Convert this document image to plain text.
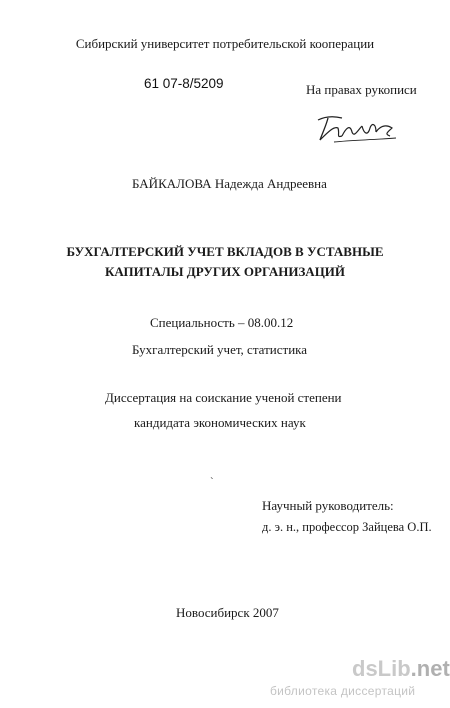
Сибирский университет потребительской кооперации
61 07-8/5209	На правах рукописи
БАЙКАЛОВА Надежда Андреевна
БУХГАЛТЕРСКИЙ УЧЕТ ВКЛАДОВ В УСТАВНЫЕ
КАПИТАЛЫ ДРУГИХ ОРГАНИЗАЦИЙ
Специальность – 08.00.12
Бухгалтерский учет, статистика
Диссертация на соискание ученой степени
кандидата экономических наук
`
Научный руководитель:
д. э. н., профессор Зайцева О.П.
Новосибирск 2007
dsLib.net
библиотека диссертаций
